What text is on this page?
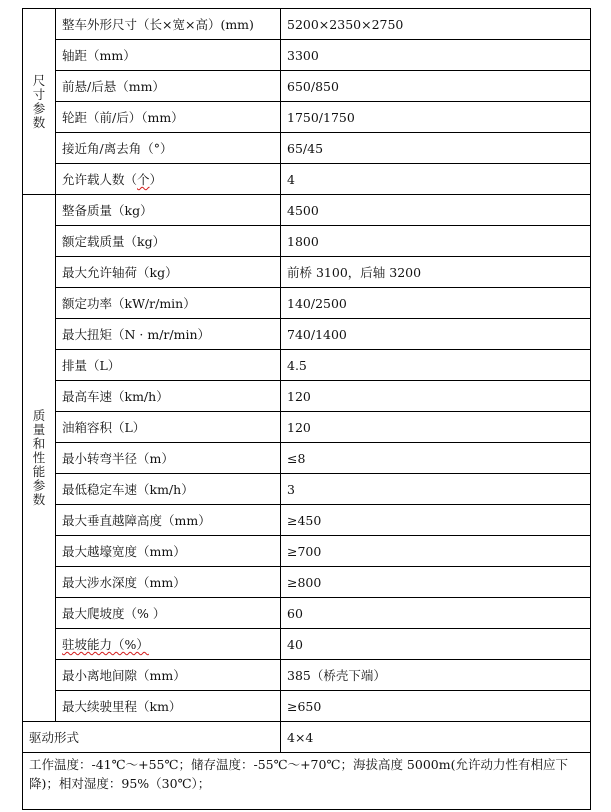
尺寸参数	整车外形尺寸（长×宽×高）(mm)	5200×2350×2750
	轴距（mm）	3300
	前悬/后悬（mm）	650/850
	轮距（前/后）（mm）	1750/1750
	接近角/离去角（°）	65/45
	允许载人数（个）	4
质量和性能参数	整备质量（kg）	4500
	额定载质量（kg）	1800
	最大允许轴荷（kg）	前桥 3100，后轴 3200
	额定功率（kW/r/min）	140/2500
	最大扭矩（N · m/r/min）	740/1400
	排量（L）	4.5
	最高车速（km/h）	120
	油箱容积（L）	120
	最小转弯半径（m）	≤8
	最低稳定车速（km/h）	3
	最大垂直越障高度（mm）	≥450
	最大越壕宽度（mm）	≥700
	最大涉水深度（mm）	≥800
	最大爬坡度（% ）	60
	驻坡能力（%）	40
	最小离地间隙（mm）	385（桥壳下端）
	最大续驶里程（km）	≥650
驱动形式		4×4
工作温度：-41℃～+55℃；储存温度：-55℃～+70℃；海拔高度 5000m(允许动力性有相应下降)；相对湿度：95%（30℃）；		
